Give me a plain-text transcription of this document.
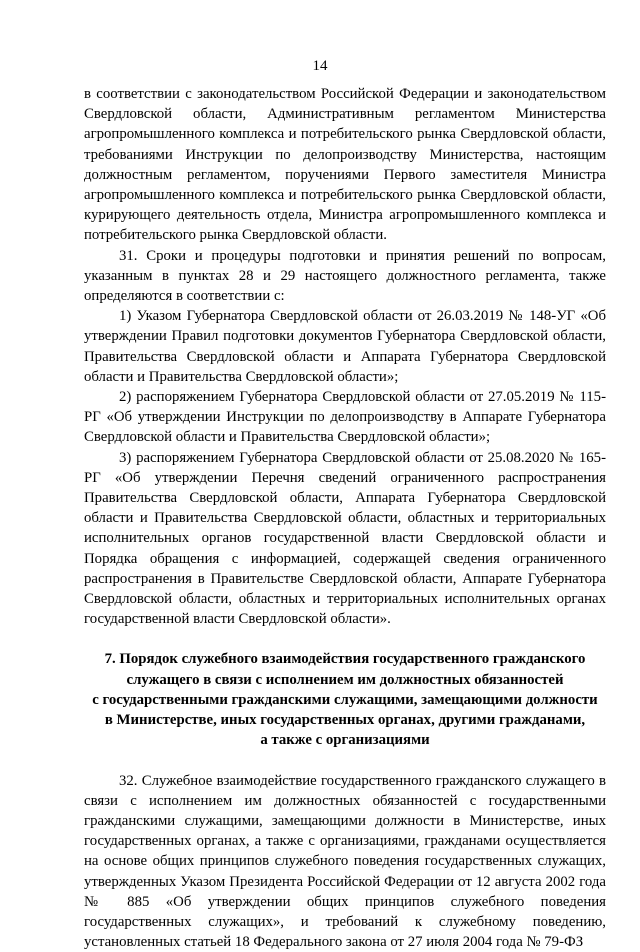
14

в соответствии с законодательством Российской Федерации и законодательством Свердловской области, Административным регламентом Министерства агропромышленного комплекса и потребительского рынка Свердловской области, требованиями Инструкции по делопроизводству Министерства, настоящим должностным регламентом, поручениями Первого заместителя Министра агропромышленного комплекса и потребительского рынка Свердловской области, курирующего деятельность отдела, Министра агропромышленного комплекса и потребительского рынка Свердловской области.

31. Сроки и процедуры подготовки и принятия решений по вопросам, указанным в пунктах 28 и 29 настоящего должностного регламента, также определяются в соответствии с:

1) Указом Губернатора Свердловской области от 26.03.2019 № 148-УГ «Об утверждении Правил подготовки документов Губернатора Свердловской области, Правительства Свердловской области и Аппарата Губернатора Свердловской области и Правительства Свердловской области»;

2) распоряжением Губернатора Свердловской области от 27.05.2019 № 115-РГ «Об утверждении Инструкции по делопроизводству в Аппарате Губернатора Свердловской области и Правительства Свердловской области»;

3) распоряжением Губернатора Свердловской области от 25.08.2020 № 165-РГ «Об утверждении Перечня сведений ограниченного распространения Правительства Свердловской области, Аппарата Губернатора Свердловской области и Правительства Свердловской области, областных и территориальных исполнительных органов государственной власти Свердловской области и Порядка обращения с информацией, содержащей сведения ограниченного распространения в Правительстве Свердловской области, Аппарате Губернатора Свердловской области, областных и территориальных исполнительных органах государственной власти Свердловской области».

7. Порядок служебного взаимодействия государственного гражданского
служащего в связи с исполнением им должностных обязанностей
с государственными гражданскими служащими, замещающими должности
в Министерстве, иных государственных органах, другими гражданами,
а также с организациями

32. Служебное взаимодействие государственного гражданского служащего в связи с исполнением им должностных обязанностей с государственными гражданскими служащими, замещающими должности в Министерстве, иных государственных органах, а также с организациями, гражданами осуществляется на основе общих принципов служебного поведения государственных служащих, утвержденных Указом Президента Российской Федерации от 12 августа 2002 года № 885 «Об утверждении общих принципов служебного поведения государственных служащих», и требований к служебному поведению, установленных статьей 18 Федерального закона от 27 июля 2004 года № 79-ФЗ
